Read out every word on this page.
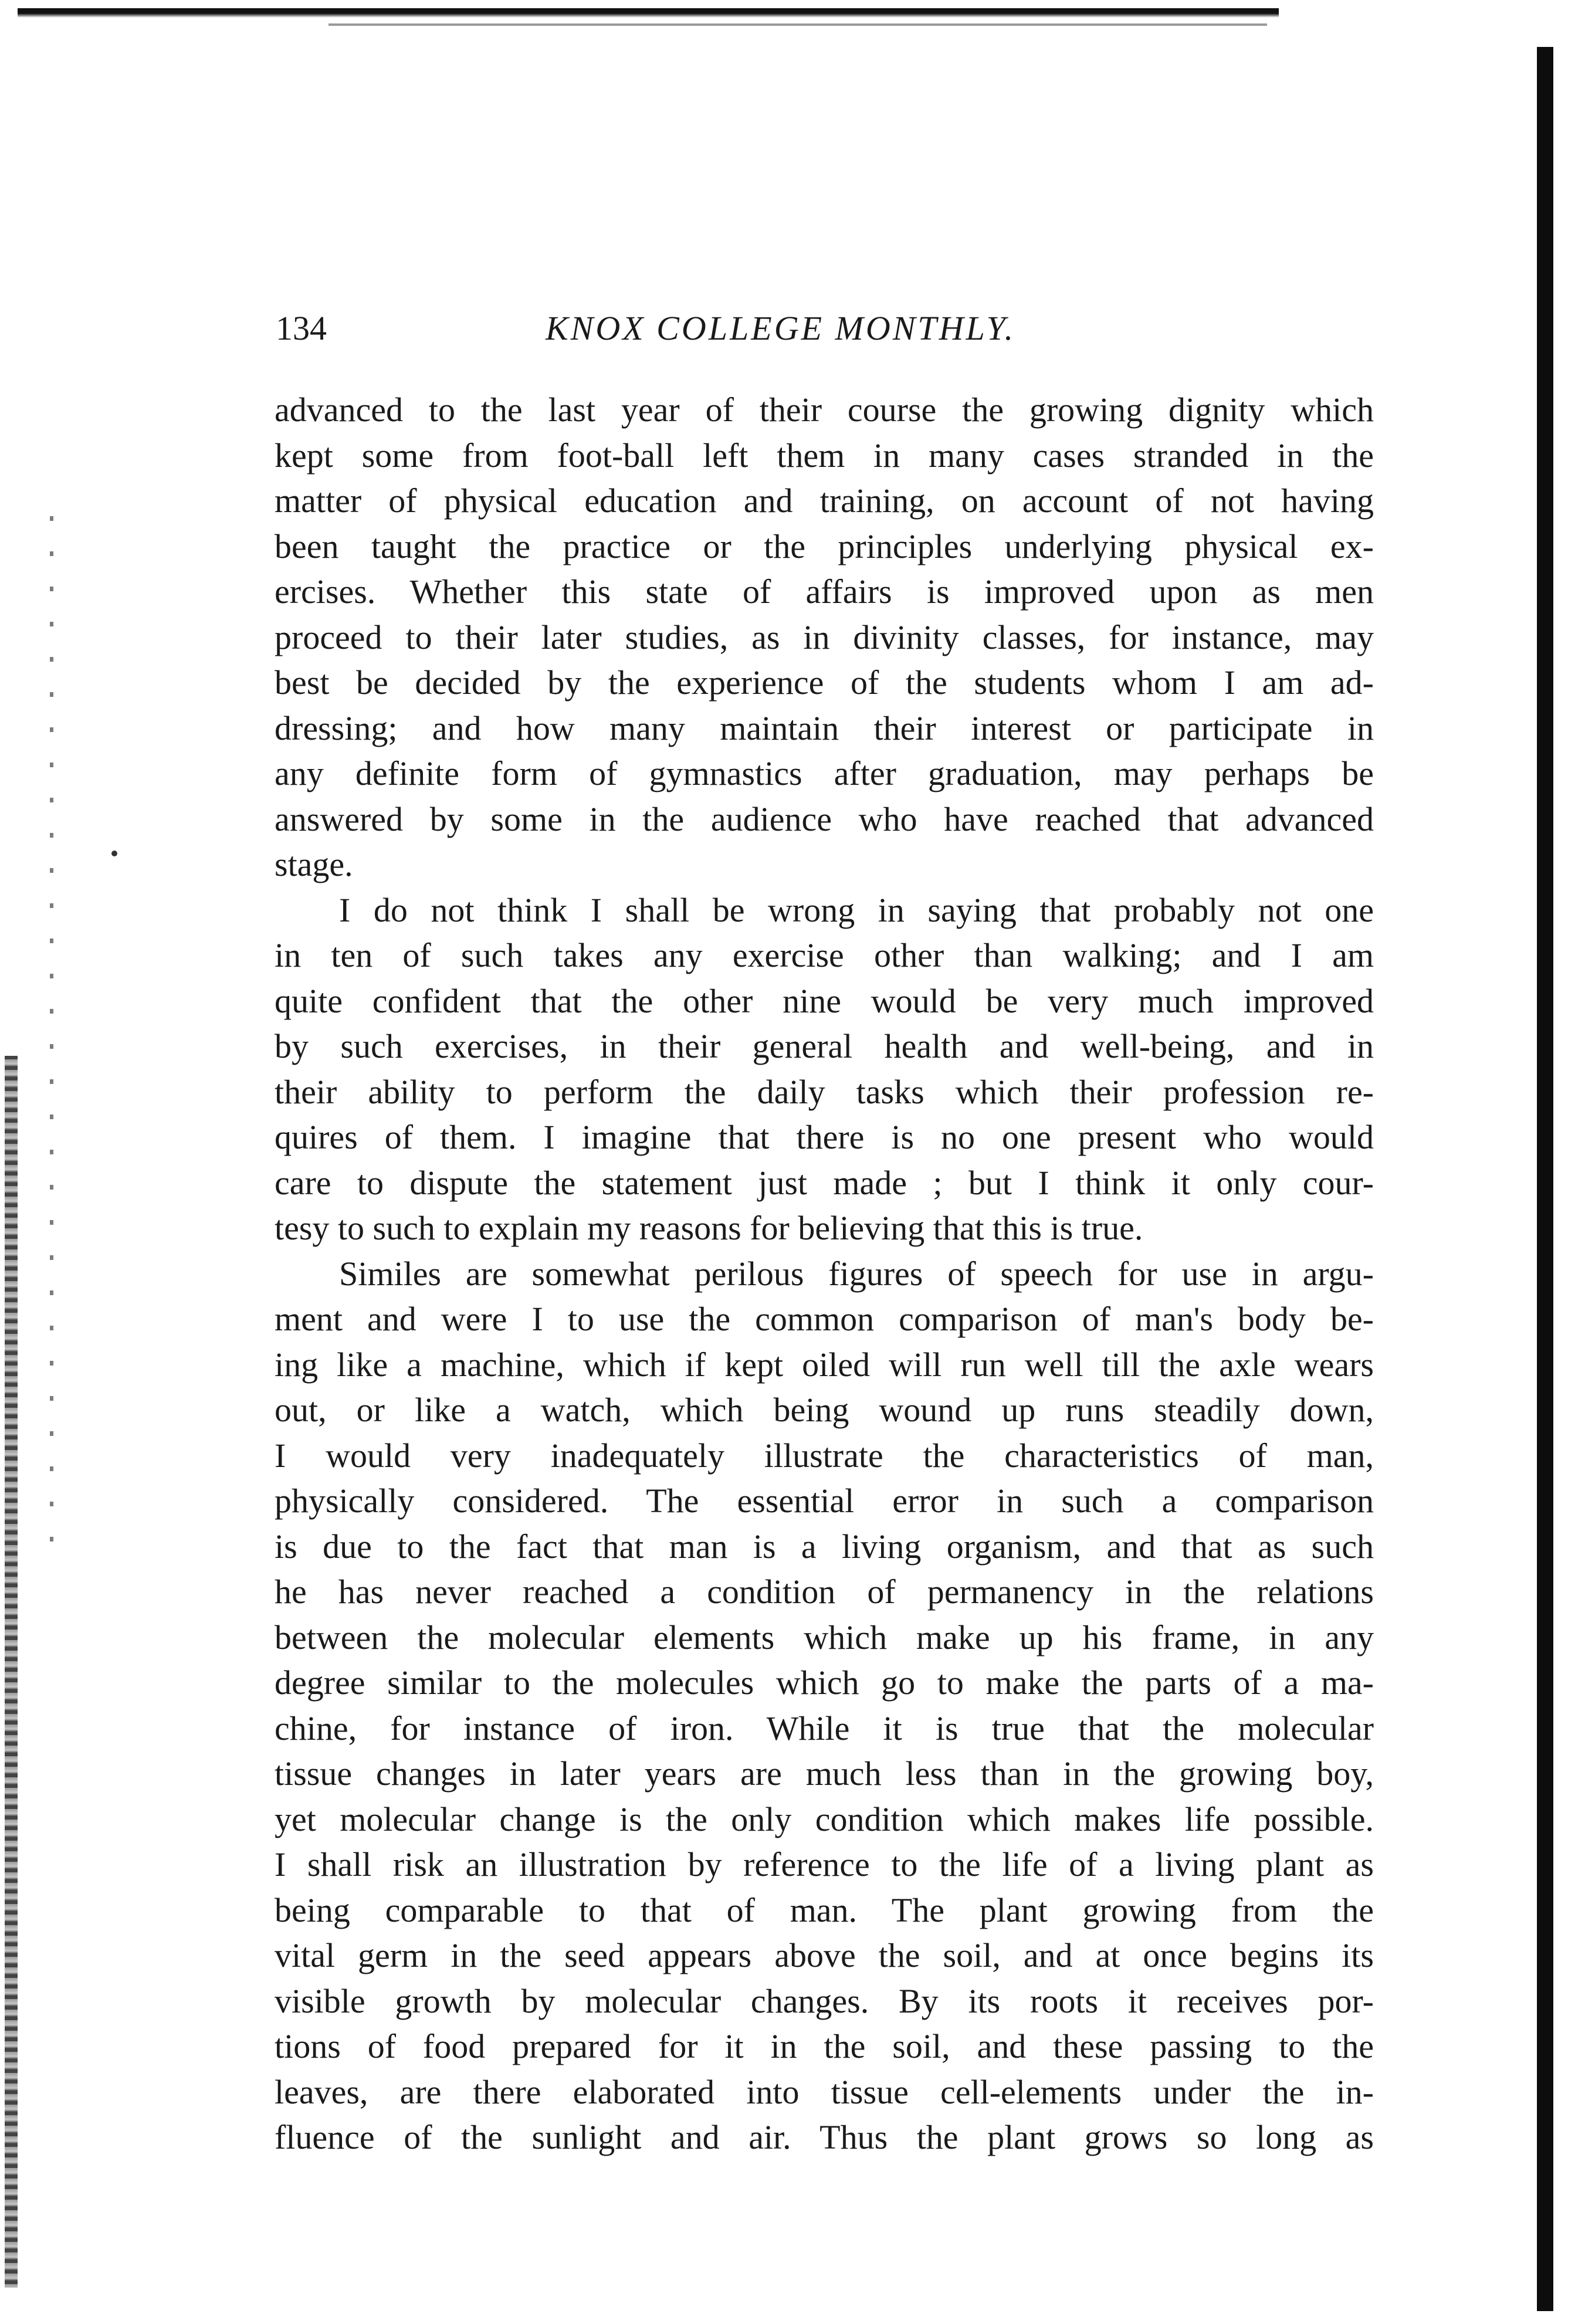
134	KNOX COLLEGE MONTHLY.
advanced to the last year of their course the growing dignity which
kept some from foot-ball left them in many cases stranded in the
matter of physical education and training, on account of not having
been taught the practice or the principles underlying physical ex-
ercises. Whether this state of affairs is improved upon as men
proceed to their later studies, as in divinity classes, for instance, may
best be decided by the experience of the students whom I am ad-
dressing; and how many maintain their interest or participate in
any definite form of gymnastics after graduation, may perhaps be
answered by some in the audience who have reached that advanced
stage.
I do not think I shall be wrong in saying that probably not one
in ten of such takes any exercise other than walking; and I am
quite confident that the other nine would be very much improved
by such exercises, in their general health and well-being, and in
their ability to perform the daily tasks which their profession re-
quires of them. I imagine that there is no one present who would
care to dispute the statement just made ; but I think it only cour-
tesy to such to explain my reasons for believing that this is true.
Similes are somewhat perilous figures of speech for use in argu-
ment and were I to use the common comparison of man's body be-
ing like a machine, which if kept oiled will run well till the axle wears
out, or like a watch, which being wound up runs steadily down,
I would very inadequately illustrate the characteristics of man,
physically considered. The essential error in such a comparison
is due to the fact that man is a living organism, and that as such
he has never reached a condition of permanency in the relations
between the molecular elements which make up his frame, in any
degree similar to the molecules which go to make the parts of a ma-
chine, for instance of iron. While it is true that the molecular
tissue changes in later years are much less than in the growing boy,
yet molecular change is the only condition which makes life possible.
I shall risk an illustration by reference to the life of a living plant as
being comparable to that of man. The plant growing from the
vital germ in the seed appears above the soil, and at once begins its
visible growth by molecular changes. By its roots it receives por-
tions of food prepared for it in the soil, and these passing to the
leaves, are there elaborated into tissue cell-elements under the in-
fluence of the sunlight and air. Thus the plant grows so long as
